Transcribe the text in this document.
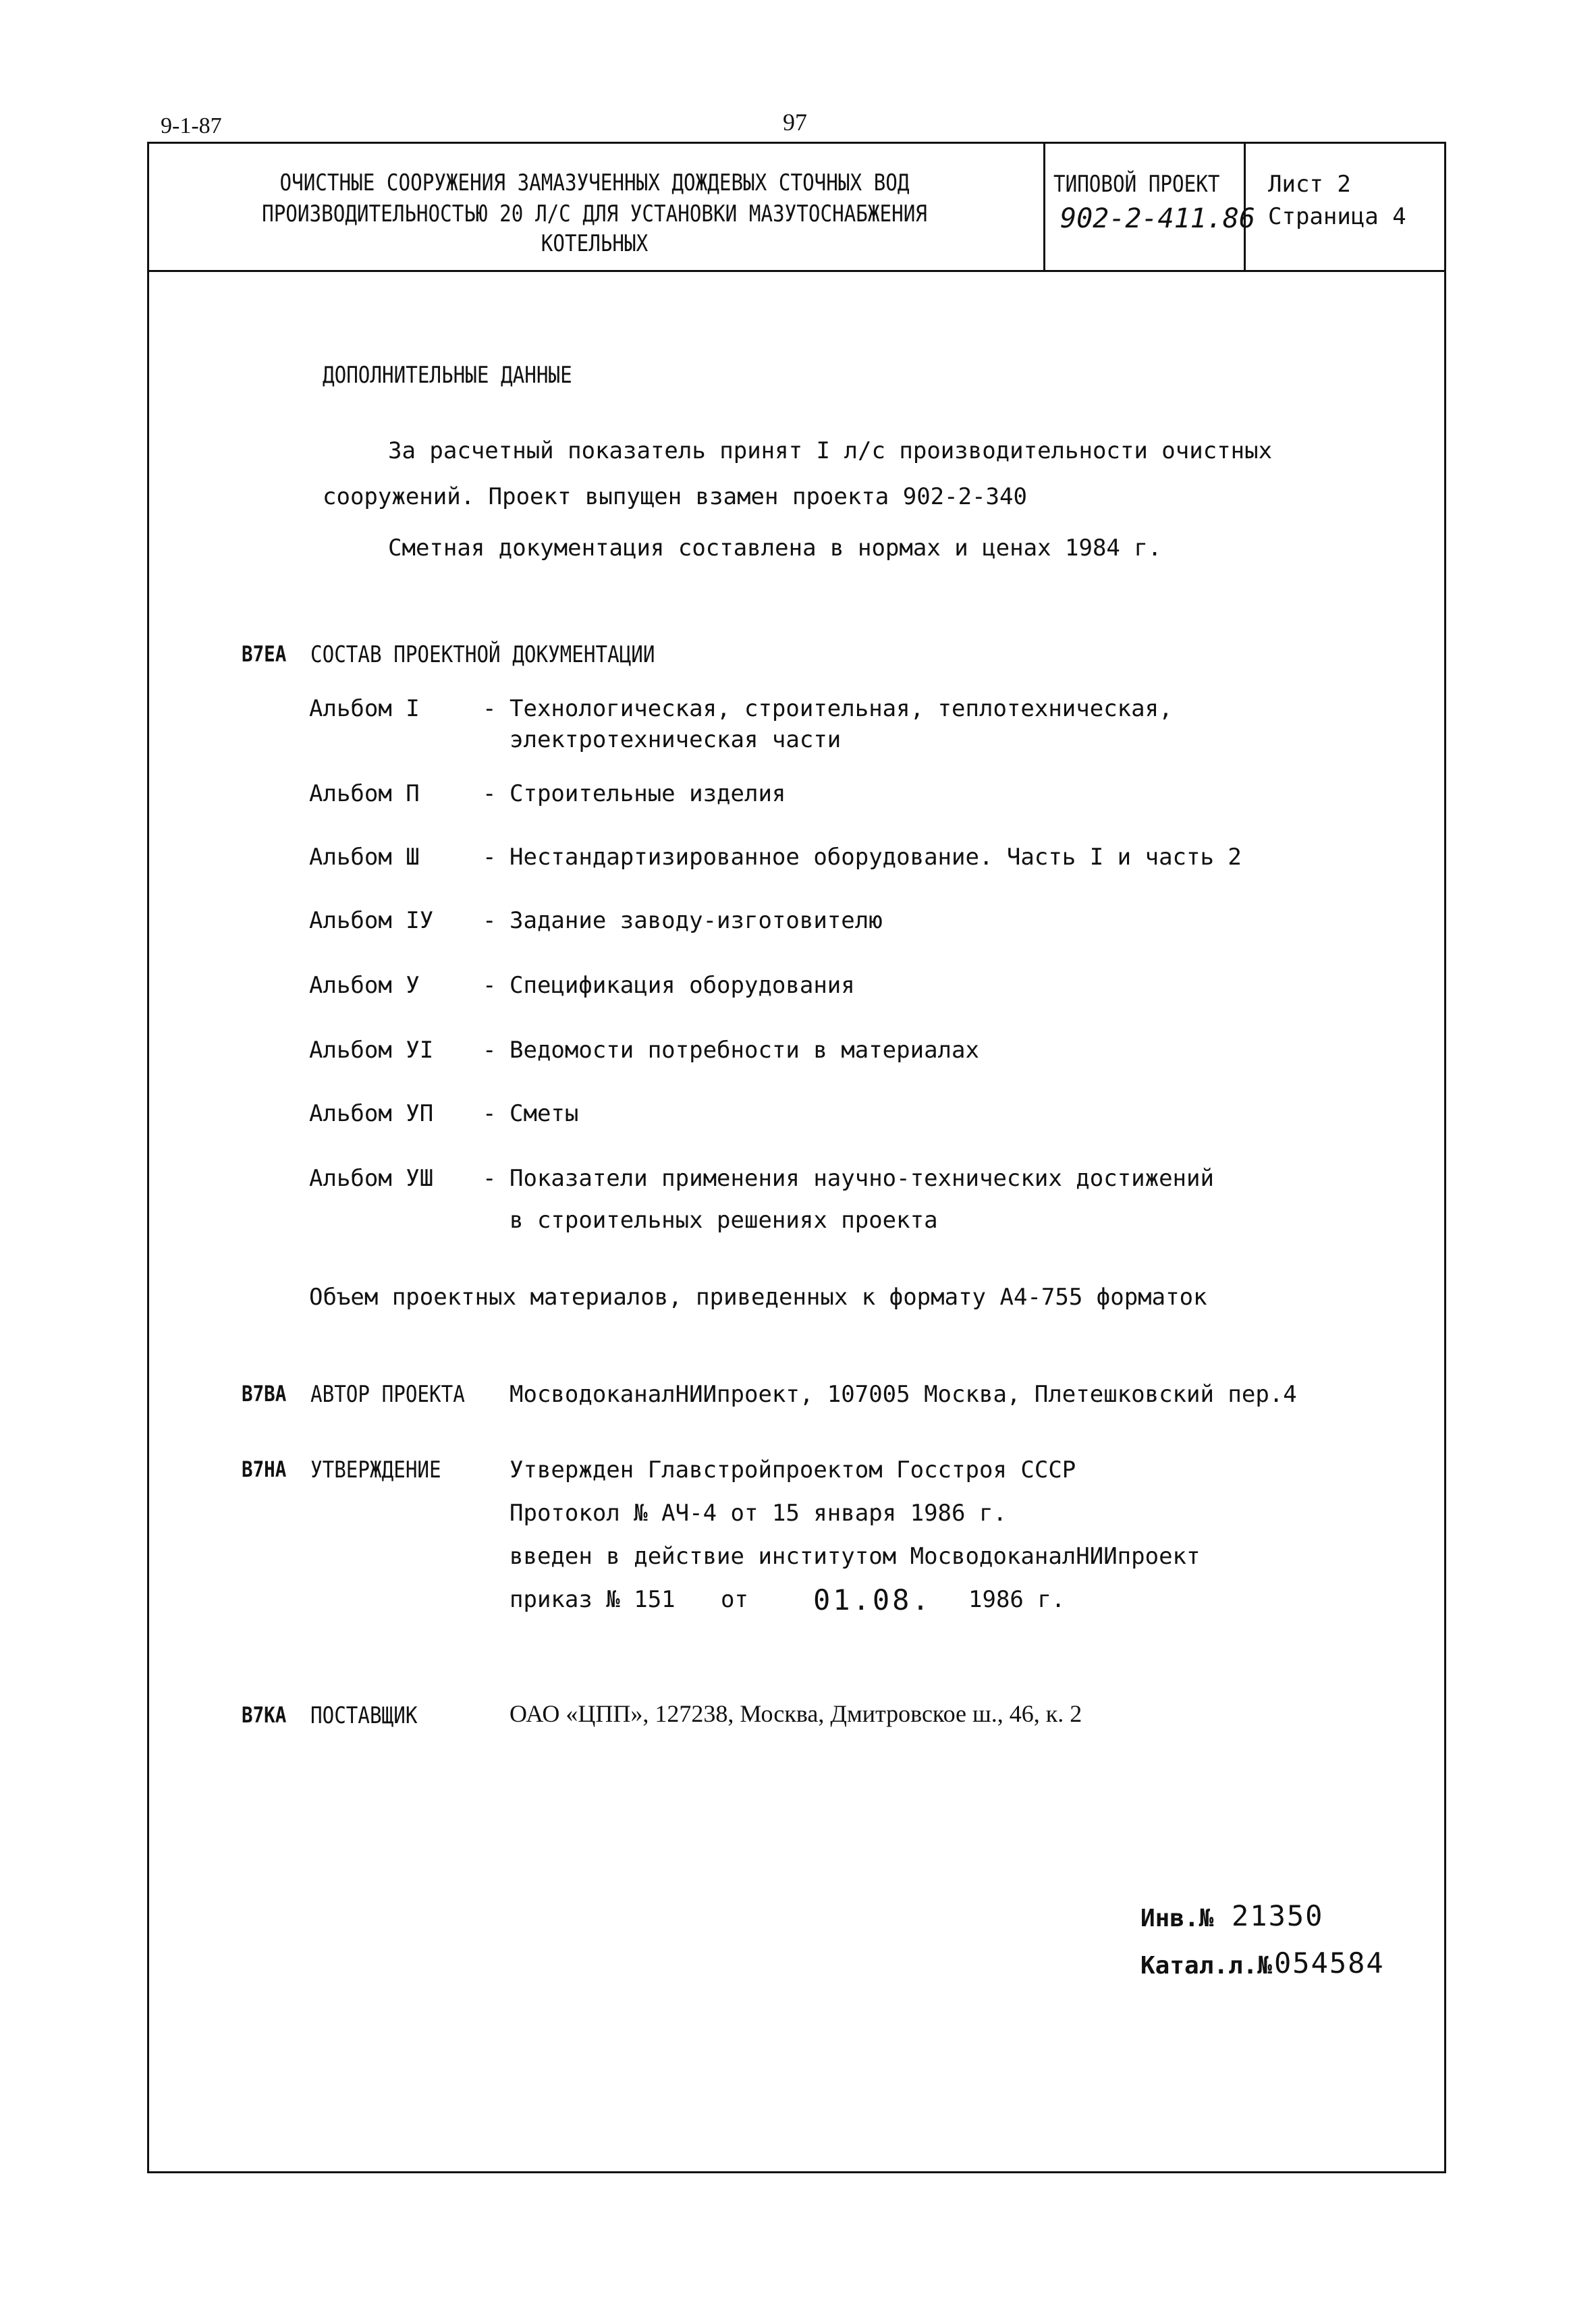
9-1-87	97
ОЧИСТНЫЕ СООРУЖЕНИЯ ЗАМАЗУЧЕННЫХ ДОЖДЕВЫХ СТОЧНЫХ ВОД
ПРОИЗВОДИТЕЛЬНОСТЬЮ 20 Л/С ДЛЯ УСТАНОВКИ МАЗУТОСНАБЖЕНИЯ
КОТЕЛЬНЫХ
ТИПОВОЙ ПРОЕКТ
902-2-411.86
Лист 2
Страница 4
ДОПОЛНИТЕЛЬНЫЕ ДАННЫЕ
За расчетный показатель принят I л/с производительности очистных
сооружений. Проект выпущен взамен проекта 902-2-340
Сметная документация составлена в нормах и ценах 1984 г.
В7ЕА СОСТАВ ПРОЕКТНОЙ ДОКУМЕНТАЦИИ
Альбом I	- Технологическая, строительная, теплотехническая,
электротехническая части
Альбом П	- Строительные изделия
Альбом Ш	- Нестандартизированное оборудование. Часть I и часть 2
Альбом IУ - Задание заводу-изготовителю
Альбом У	- Спецификация оборудования
Альбом УI - Ведомости потребности в материалах
Альбом УП - Сметы
Альбом УШ - Показатели применения научно-технических достижений
в строительных решениях проекта
Объем проектных материалов, приведенных к формату А4-755 форматок
В7ВА АВТОР ПРОЕКТА МосводоканалНИИпроект, 107005 Москва, Плетешковский пер.4
В7НА УТВЕРЖДЕНИЕ	Утвержден Главстройпроектом Госстроя СССР
Протокол № АЧ-4 от 15 января 1986 г.
введен в действие институтом МосводоканалНИИпроект
приказ № 151 от 01.08. 1986 г.
В7КА ПОСТАВЩИК	ОАО «ЦПП», 127238, Москва, Дмитровское ш., 46, к. 2
Инв.№ 21350
Катал.л.№ 054584
